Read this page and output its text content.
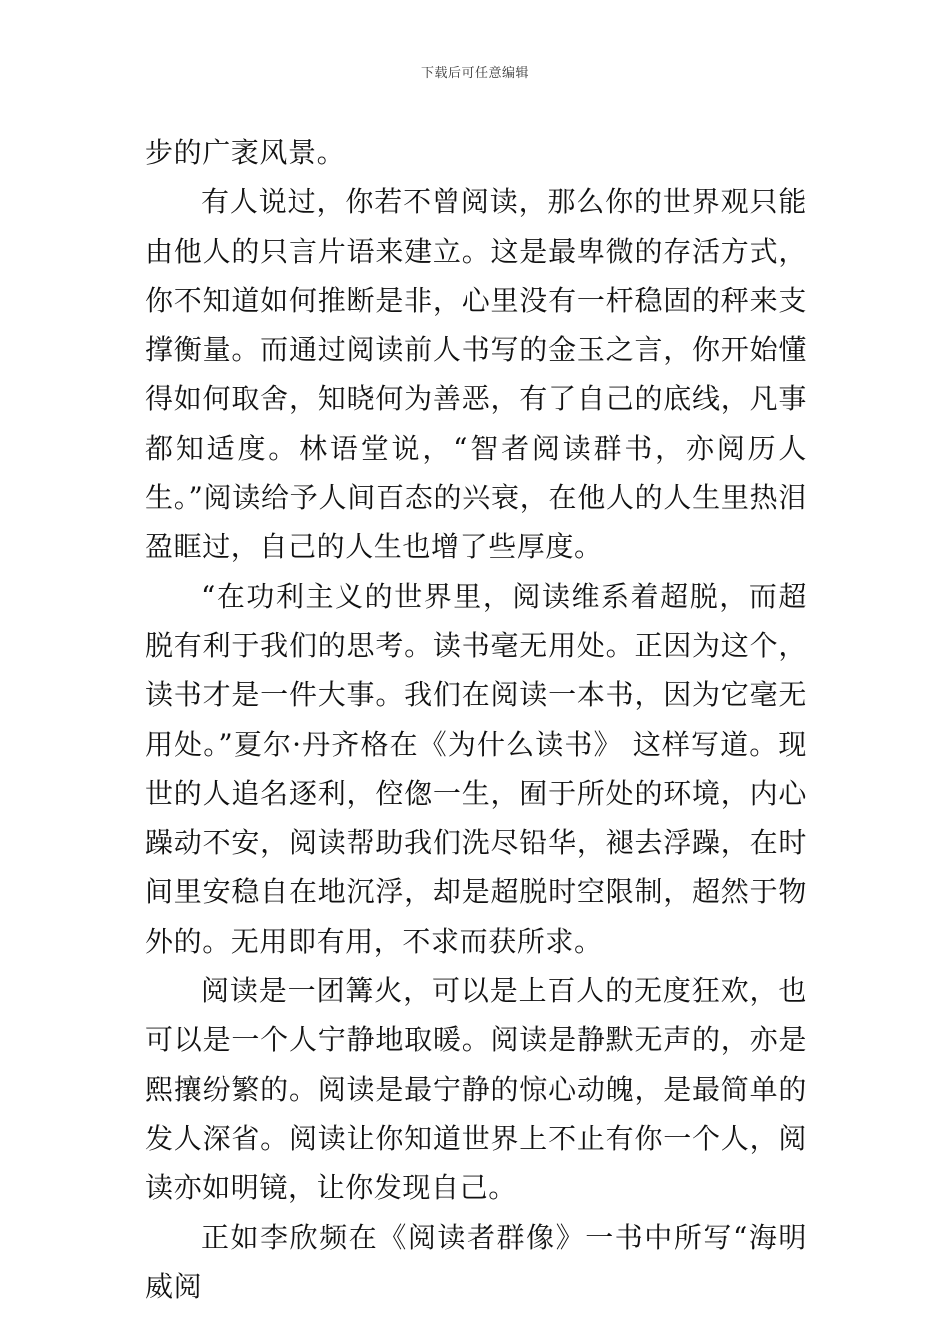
下载后可任意编辑

步的广袤风景。

有人说过，你若不曾阅读，那么你的世界观只能由他人的只言片语来建立。这是最卑微的存活方式，你不知道如何推断是非，心里没有一杆稳固的秤来支撑衡量。而通过阅读前人书写的金玉之言，你开始懂得如何取舍，知晓何为善恶，有了自己的底线，凡事都知适度。林语堂说，“智者阅读群书，亦阅历人生。”阅读给予人间百态的兴衰，在他人的人生里热泪盈眶过，自己的人生也增了些厚度。

“在功利主义的世界里，阅读维系着超脱，而超脱有利于我们的思考。读书毫无用处。正因为这个，读书才是一件大事。我们在阅读一本书，因为它毫无用处。”夏尔·丹齐格在《为什么读书》 这样写道。现世的人追名逐利，倥偬一生，囿于所处的环境，内心躁动不安，阅读帮助我们洗尽铅华，褪去浮躁，在时间里安稳自在地沉浮，却是超脱时空限制，超然于物外的。无用即有用，不求而获所求。

阅读是一团篝火，可以是上百人的无度狂欢，也可以是一个人宁静地取暖。阅读是静默无声的，亦是熙攘纷繁的。阅读是最宁静的惊心动魄，是最简单的发人深省。阅读让你知道世界上不止有你一个人，阅读亦如明镜，让你发现自己。

正如李欣频在《阅读者群像》一书中所写“海明威阅
